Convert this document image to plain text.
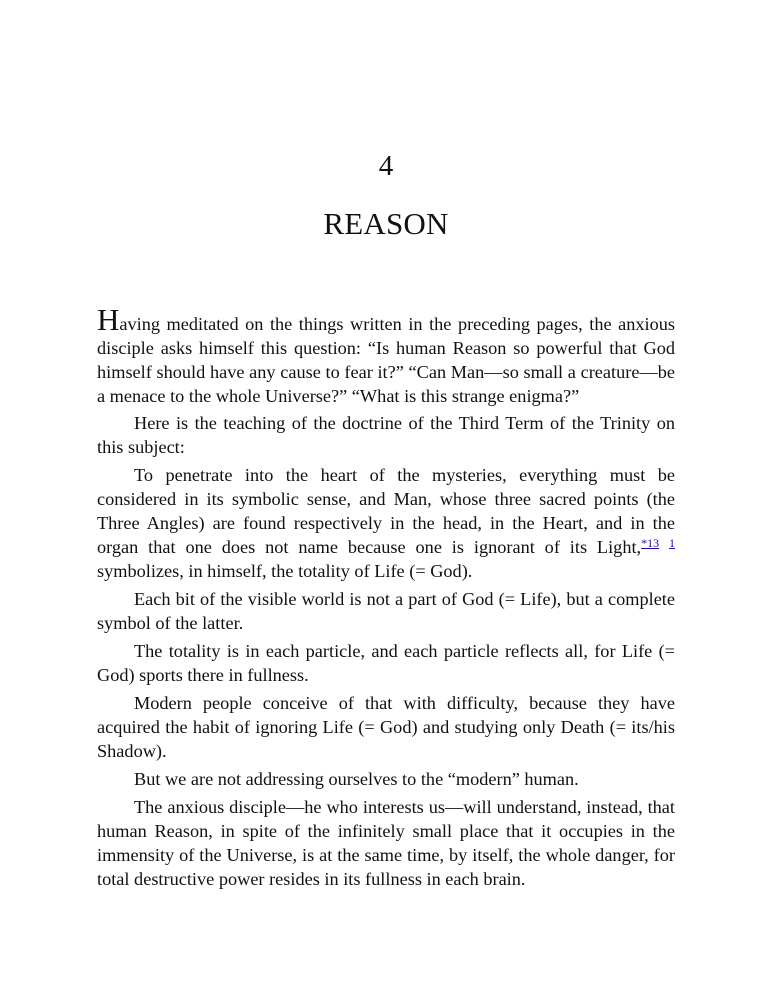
4
REASON

Having meditated on the things written in the preceding pages, the anxious disciple asks himself this question: “Is human Reason so powerful that God himself should have any cause to fear it?” “Can Man—so small a creature—be a menace to the whole Universe?” “What is this strange enigma?”

Here is the teaching of the doctrine of the Third Term of the Trinity on this subject:

To penetrate into the heart of the mysteries, everything must be considered in its symbolic sense, and Man, whose three sacred points (the Three Angles) are found respectively in the head, in the Heart, and in the organ that one does not name because one is ignorant of its Light,$^{*13}$ $^1$ symbolizes, in himself, the totality of Life (= God).

Each bit of the visible world is not a part of God (= Life), but a complete symbol of the latter.

The totality is in each particle, and each particle reflects all, for Life (= God) sports there in fullness.

Modern people conceive of that with difficulty, because they have acquired the habit of ignoring Life (= God) and studying only Death (= its/his Shadow).

But we are not addressing ourselves to the “modern” human.

The anxious disciple—he who interests us—will understand, instead, that human Reason, in spite of the infinitely small place that it occupies in the immensity of the Universe, is at the same time, by itself, the whole danger, for total destructive power resides in its fullness in each brain.
